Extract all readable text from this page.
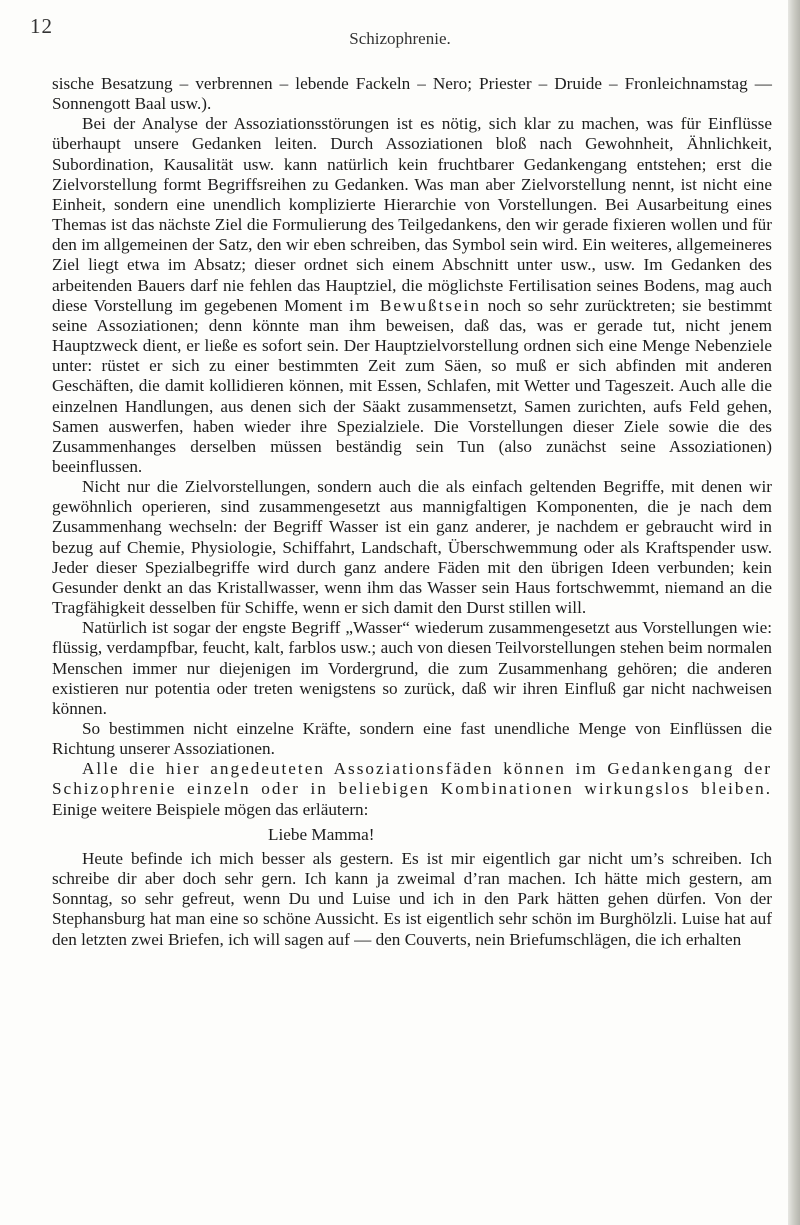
12
Schizophrenie.

sische Besatzung – verbrennen – lebende Fackeln – Nero; Priester – Druide – Fronleichnamstag — Sonnengott Baal usw.).

Bei der Analyse der Assoziationsstörungen ist es nötig, sich klar zu machen, was für Einflüsse überhaupt unsere Gedanken leiten. Durch Assoziationen bloß nach Gewohnheit, Ähnlichkeit, Subordination, Kausalität usw. kann natürlich kein fruchtbarer Gedankengang entstehen; erst die Zielvorstellung formt Begriffsreihen zu Gedanken. Was man aber Zielvorstellung nennt, ist nicht eine Einheit, sondern eine unendlich komplizierte Hierarchie von Vorstellungen. Bei Ausarbeitung eines Themas ist das nächste Ziel die Formulierung des Teilgedankens, den wir gerade fixieren wollen und für den im allgemeinen der Satz, den wir eben schreiben, das Symbol sein wird. Ein weiteres, allgemeineres Ziel liegt etwa im Absatz; dieser ordnet sich einem Abschnitt unter usw., usw. Im Gedanken des arbeitenden Bauers darf nie fehlen das Hauptziel, die möglichste Fertilisation seines Bodens, mag auch diese Vorstellung im gegebenen Moment im Bewußtsein noch so sehr zurücktreten; sie bestimmt seine Assoziationen; denn könnte man ihm beweisen, daß das, was er gerade tut, nicht jenem Hauptzweck dient, er ließe es sofort sein. Der Hauptzielvorstellung ordnen sich eine Menge Nebenziele unter: rüstet er sich zu einer bestimmten Zeit zum Säen, so muß er sich abfinden mit anderen Geschäften, die damit kollidieren können, mit Essen, Schlafen, mit Wetter und Tageszeit. Auch alle die einzelnen Handlungen, aus denen sich der Säakt zusammensetzt, Samen zurichten, aufs Feld gehen, Samen auswerfen, haben wieder ihre Spezialziele. Die Vorstellungen dieser Ziele sowie die des Zusammenhanges derselben müssen beständig sein Tun (also zunächst seine Assoziationen) beeinflussen.

Nicht nur die Zielvorstellungen, sondern auch die als einfach geltenden Begriffe, mit denen wir gewöhnlich operieren, sind zusammengesetzt aus mannigfaltigen Komponenten, die je nach dem Zusammenhang wechseln: der Begriff Wasser ist ein ganz anderer, je nachdem er gebraucht wird in bezug auf Chemie, Physiologie, Schiffahrt, Landschaft, Überschwemmung oder als Kraftspender usw. Jeder dieser Spezialbegriffe wird durch ganz andere Fäden mit den übrigen Ideen verbunden; kein Gesunder denkt an das Kristallwasser, wenn ihm das Wasser sein Haus fortschwemmt, niemand an die Tragfähigkeit desselben für Schiffe, wenn er sich damit den Durst stillen will.

Natürlich ist sogar der engste Begriff „Wasser“ wiederum zusammengesetzt aus Vorstellungen wie: flüssig, verdampfbar, feucht, kalt, farblos usw.; auch von diesen Teilvorstellungen stehen beim normalen Menschen immer nur diejenigen im Vordergrund, die zum Zusammenhang gehören; die anderen existieren nur potentia oder treten wenigstens so zurück, daß wir ihren Einfluß gar nicht nachweisen können.

So bestimmen nicht einzelne Kräfte, sondern eine fast unendliche Menge von Einflüssen die Richtung unserer Assoziationen.

Alle die hier angedeuteten Assoziationsfäden können im Gedankengang der Schizophrenie einzeln oder in beliebigen Kombinationen wirkungslos bleiben. Einige weitere Beispiele mögen das erläutern:

Liebe Mamma!

Heute befinde ich mich besser als gestern. Es ist mir eigentlich gar nicht um’s schreiben. Ich schreibe dir aber doch sehr gern. Ich kann ja zweimal d’ran machen. Ich hätte mich gestern, am Sonntag, so sehr gefreut, wenn Du und Luise und ich in den Park hätten gehen dürfen. Von der Stephansburg hat man eine so schöne Aussicht. Es ist eigentlich sehr schön im Burghölzli. Luise hat auf den letzten zwei Briefen, ich will sagen auf — den Couverts, nein Briefumschlägen, die ich erhalten
